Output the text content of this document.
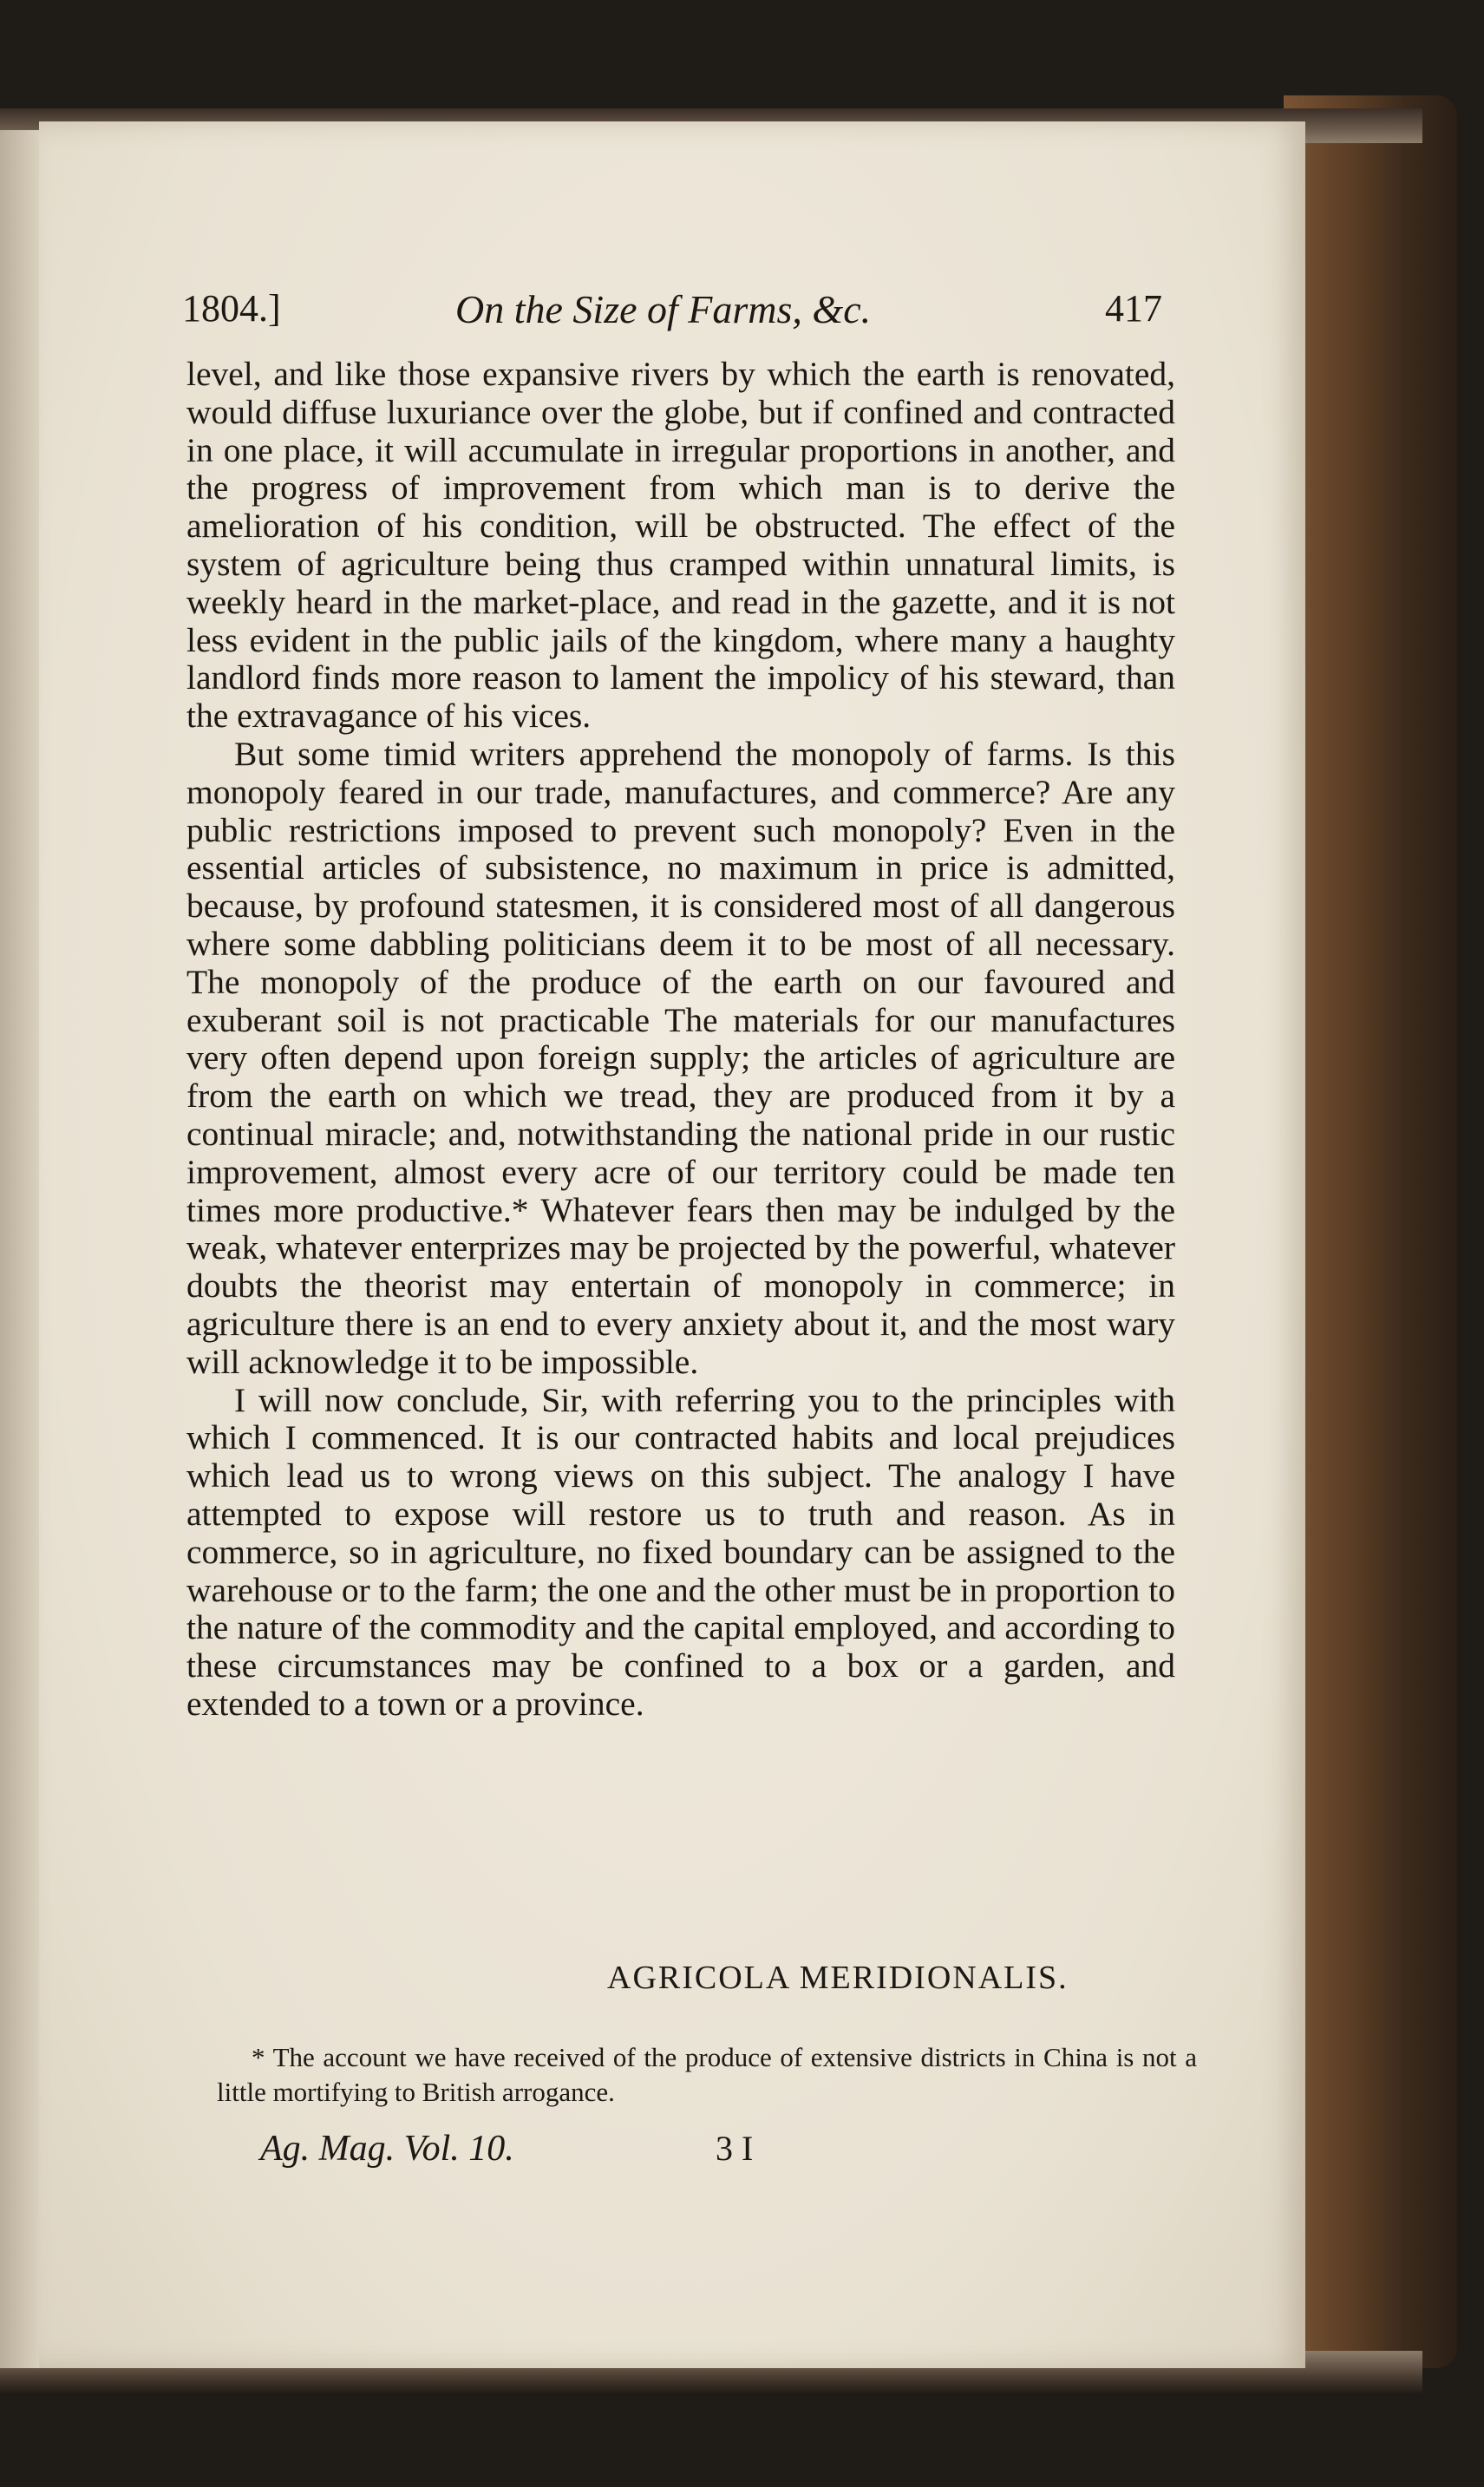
1804.]	On the Size of Farms, &c.	417

level, and like those expansive rivers by which the earth is renovated, would diffuse luxuriance over the globe, but if confined and contracted in one place, it will accumulate in irregular proportions in another, and the progress of improvement from which man is to derive the amelioration of his condition, will be obstructed. The effect of the system of agriculture being thus cramped within unnatural limits, is weekly heard in the market-place, and read in the gazette, and it is not less evident in the public jails of the kingdom, where many a haughty landlord finds more reason to lament the impolicy of his steward, than the extravagance of his vices.

But some timid writers apprehend the monopoly of farms. Is this monopoly feared in our trade, manufactures, and commerce? Are any public restrictions imposed to prevent such monopoly? Even in the essential articles of subsistence, no maximum in price is admitted, because, by profound statesmen, it is considered most of all dangerous where some dabbling politicians deem it to be most of all necessary. The monopoly of the produce of the earth on our favoured and exuberant soil is not practicable The materials for our manufactures very often depend upon foreign supply; the articles of agriculture are from the earth on which we tread, they are produced from it by a continual miracle; and, notwithstanding the national pride in our rustic improvement, almost every acre of our territory could be made ten times more productive.* Whatever fears then may be indulged by the weak, whatever enterprizes may be projected by the powerful, whatever doubts the theorist may entertain of monopoly in commerce; in agriculture there is an end to every anxiety about it, and the most wary will acknowledge it to be impossible.

I will now conclude, Sir, with referring you to the principles with which I commenced. It is our contracted habits and local prejudices which lead us to wrong views on this subject. The analogy I have attempted to expose will restore us to truth and reason. As in commerce, so in agriculture, no fixed boundary can be assigned to the warehouse or to the farm; the one and the other must be in proportion to the nature of the commodity and the capital employed, and according to these circumstances may be confined to a box or a garden, and extended to a town or a province.

AGRICOLA MERIDIONALIS.
* The account we have received of the produce of extensive districts in China is not a little mortifying to British arrogance.
Ag. Mag. Vol. 10.	3 I
